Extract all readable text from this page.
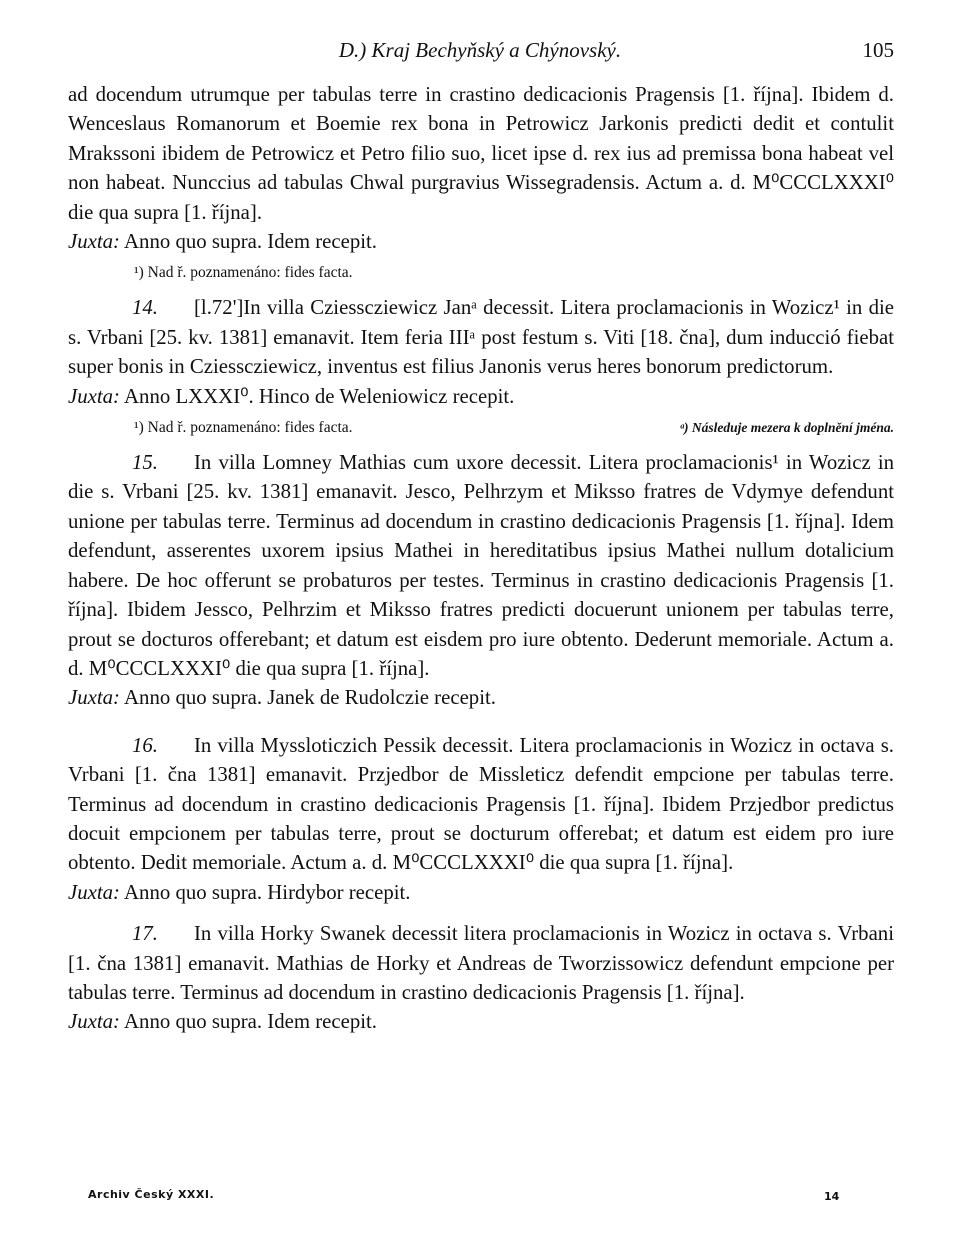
D.) Kraj Bechyňský a Chýnovský.	105

ad docendum utrumque per tabulas terre in crastino dedicacionis Pragensis [1. října]. Ibidem d. Wenceslaus Romanorum et Boemie rex bona in Petrowicz Jarkonis predicti dedit et contulit Mrakssoni ibidem de Petrowicz et Petro filio suo, licet ipse d. rex ius ad premissa bona habeat vel non habeat. Nunccius ad tabulas Chwal purgravius Wissegradensis. Actum a. d. M⁰CCCLXXXI⁰ die qua supra [1. října].

Juxta: Anno quo supra. Idem recepit.

¹) Nad ř. poznamenáno: fides facta.

14. [l.72']In villa Cziesscziewicz Janᵃ decessit. Litera proclamacionis in Wozicz¹ in die s. Vrbani [25. kv. 1381] emanavit. Item feria IIIᵃ post festum s. Viti [18. čna], dum inducció fiebat super bonis in Cziesscziewicz, inventus est filius Janonis verus heres bonorum predictorum.

Juxta: Anno LXXXI⁰. Hinco de Weleniowicz recepit.

¹) Nad ř. poznamenáno: fides facta.	ᵃ) Následuje mezera k doplnění jména.

15. In villa Lomney Mathias cum uxore decessit. Litera proclamacionis¹ in Wozicz in die s. Vrbani [25. kv. 1381] emanavit. Jesco, Pelhrzym et Miksso fratres de Vdymye defendunt unione per tabulas terre. Terminus ad docendum in crastino dedicacionis Pragensis [1. října]. Idem defendunt, asserentes uxorem ipsius Mathei in hereditatibus ipsius Mathei nullum dotalicium habere. De hoc offerunt se probaturos per testes. Terminus in crastino dedicacionis Pragensis [1. října]. Ibidem Jessco, Pelhrzim et Miksso fratres predicti docuerunt unionem per tabulas terre, prout se docturos offerebant; et datum est eisdem pro iure obtento. Dederunt memoriale. Actum a. d. M⁰CCCLXXXI⁰ die qua supra [1. října].

Juxta: Anno quo supra. Janek de Rudolczie recepit.

16. In villa Myssloticzich Pessik decessit. Litera proclamacionis in Wozicz in octava s. Vrbani [1. čna 1381] emanavit. Przjedbor de Missleticz defendit empcione per tabulas terre. Terminus ad docendum in crastino dedicacionis Pragensis [1. října]. Ibidem Przjedbor predictus docuit empcionem per tabulas terre, prout se docturum offerebat; et datum est eidem pro iure obtento. Dedit memoriale. Actum a. d. M⁰CCCLXXXI⁰ die qua supra [1. října].

Juxta: Anno quo supra. Hirdybor recepit.

17. In villa Horky Swanek decessit litera proclamacionis in Wozicz in octava s. Vrbani [1. čna 1381] emanavit. Mathias de Horky et Andreas de Tworzissowicz defendunt empcione per tabulas terre. Terminus ad docendum in crastino dedicacionis Pragensis [1. října].

Juxta: Anno quo supra. Idem recepit.

Archiv Český XXXI.	14
